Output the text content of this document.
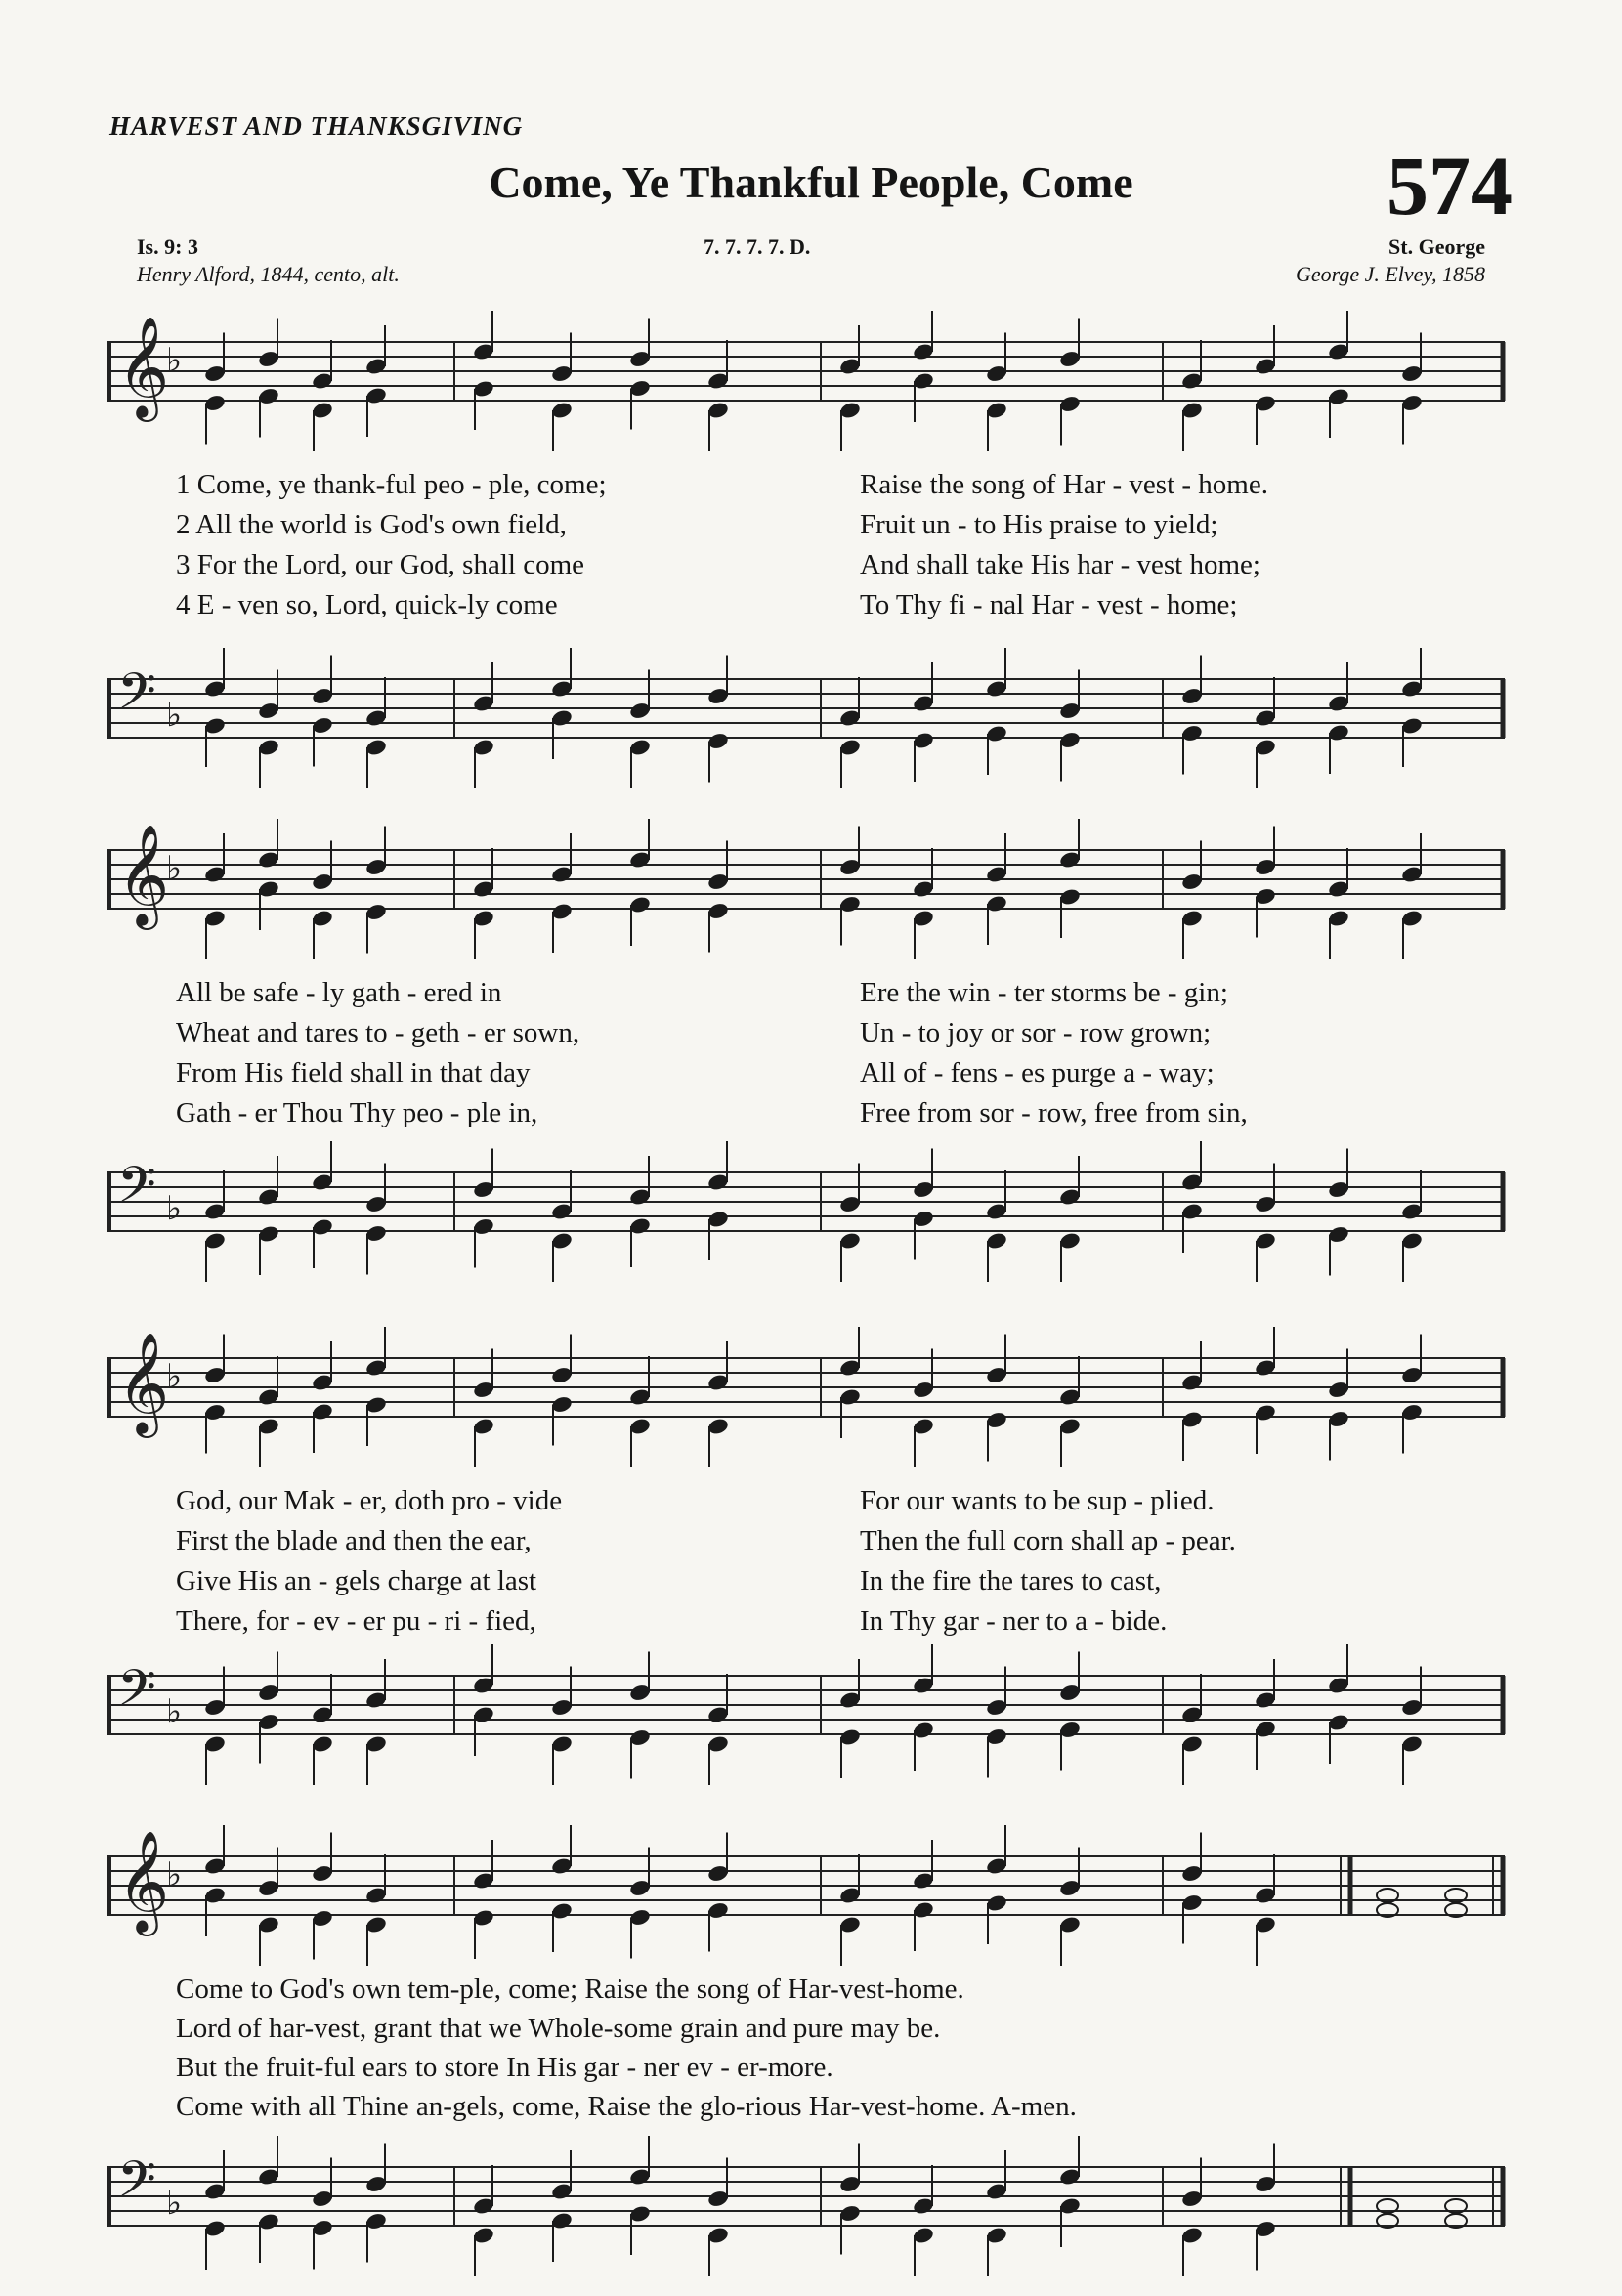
HARVEST AND THANKSGIVING
Come, Ye Thankful People, Come	574
Is. 9: 3
Henry Alford, 1844, cento, alt.
7. 7. 7. 7. D.	St. George
George J. Elvey, 1858
𝄞
♭
1 Come, ye thank-ful peo - ple, come;	Raise the song of Har - vest - home.
2 All the world is God's own field,	Fruit un - to His praise to yield;
3 For the Lord, our God, shall come	And shall take His har - vest home;
4 E - ven so, Lord, quick-ly come	To Thy fi - nal Har - vest - home;
𝄢 ♭
𝄞
♭
All be safe - ly gath - ered in	Ere the win - ter storms be - gin;
Wheat and tares to - geth - er sown,	Un - to joy or sor - row grown;
From His field shall in that day	All of - fens - es purge a - way;
Gath - er Thou Thy peo - ple in,	Free from sor - row, free from sin,
𝄢 ♭
𝄞
♭
God, our Mak - er, doth pro - vide	For our wants to be sup - plied.
First the blade and then the ear,	Then the full corn shall ap - pear.
Give His an - gels charge at last	In the fire the tares to cast,
There, for - ev - er pu - ri - fied,	In Thy gar - ner to a - bide.
𝄢 ♭
𝄞
♭
Come to God's own tem-ple, come; Raise the song of Har-vest-home.
Lord of har-vest, grant that we Whole-some grain and pure may be.
But the fruit-ful ears to store In His gar - ner ev - er-more.
Come with all Thine an-gels, come, Raise the glo-rious Har-vest-home. A-men.
𝄢 ♭
